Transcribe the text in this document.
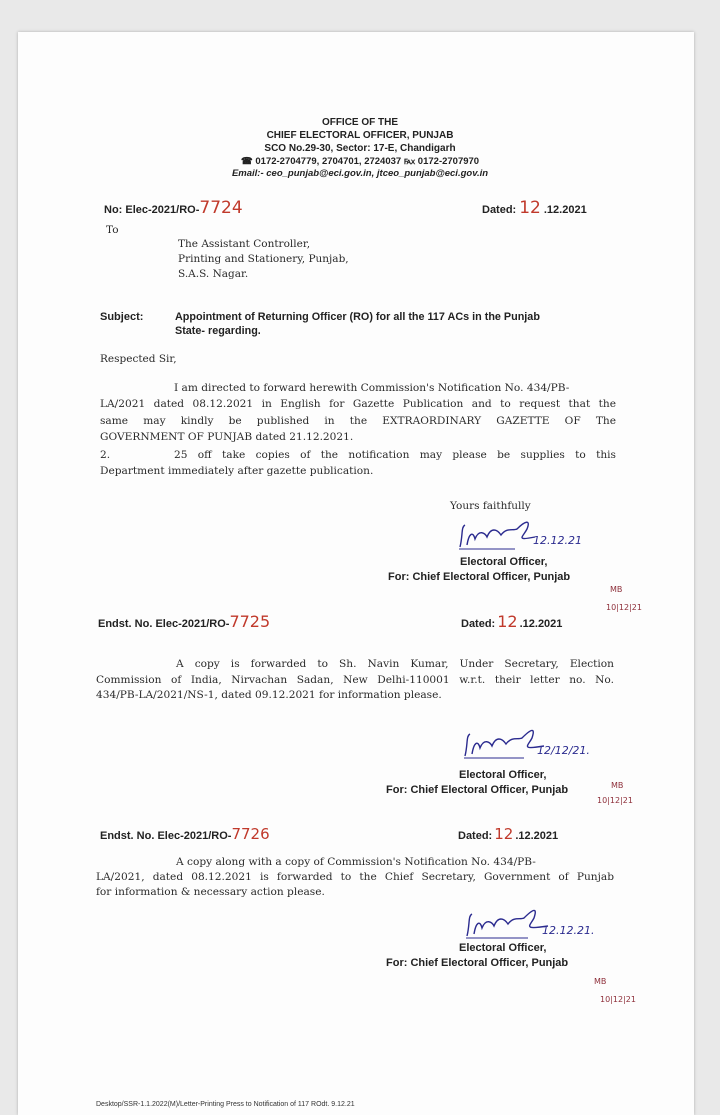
OFFICE OF THE
CHIEF ELECTORAL OFFICER, PUNJAB
SCO No.29-30, Sector: 17-E, Chandigarh
☎ 0172-2704779, 2704701, 2724037 ℻ 0172-2707970
Email:- ceo_punjab@eci.gov.in, jtceo_punjab@eci.gov.in
No: Elec-2021/RO-7724	Dated: 12 .12.2021
To
The Assistant Controller,
Printing and Stationery, Punjab,
S.A.S. Nagar.
Subject:	Appointment of Returning Officer (RO) for all the 117 ACs in the Punjab
State- regarding.
Respected Sir,
I am directed to forward herewith Commission's Notification No. 434/PB-
LA/2021 dated 08.12.2021 in English for Gazette Publication and to request that the
same may kindly be published in the EXTRAORDINARY GAZETTE OF The
GOVERNMENT OF PUNJAB dated 21.12.2021.
2.	25 off take copies of the notification may please be supplies to this
Department immediately after gazette publication.
Yours faithfully
12.12.21
Electoral Officer,
For: Chief Electoral Officer, Punjab
MB
10|12|21
Endst. No. Elec-2021/RO-7725	Dated: 12 .12.2021
A copy is forwarded to Sh. Navin Kumar, Under Secretary, Election
Commission of India, Nirvachan Sadan, New Delhi-110001 w.r.t. their letter no. No.
434/PB-LA/2021/NS-1, dated 09.12.2021 for information please.
12/12/21.
Electoral Officer,
For: Chief Electoral Officer, Punjab	MB
10|12|21
Endst. No. Elec-2021/RO-7726	Dated: 12 .12.2021
A copy along with a copy of Commission's Notification No. 434/PB-
LA/2021, dated 08.12.2021 is forwarded to the Chief Secretary, Government of Punjab
for information & necessary action please.
12.12.21.
Electoral Officer,
For: Chief Electoral Officer, Punjab
MB
10|12|21
Desktop/SSR-1.1.2022(M)/Letter-Printing Press to Notification of 117 ROdt. 9.12.21
